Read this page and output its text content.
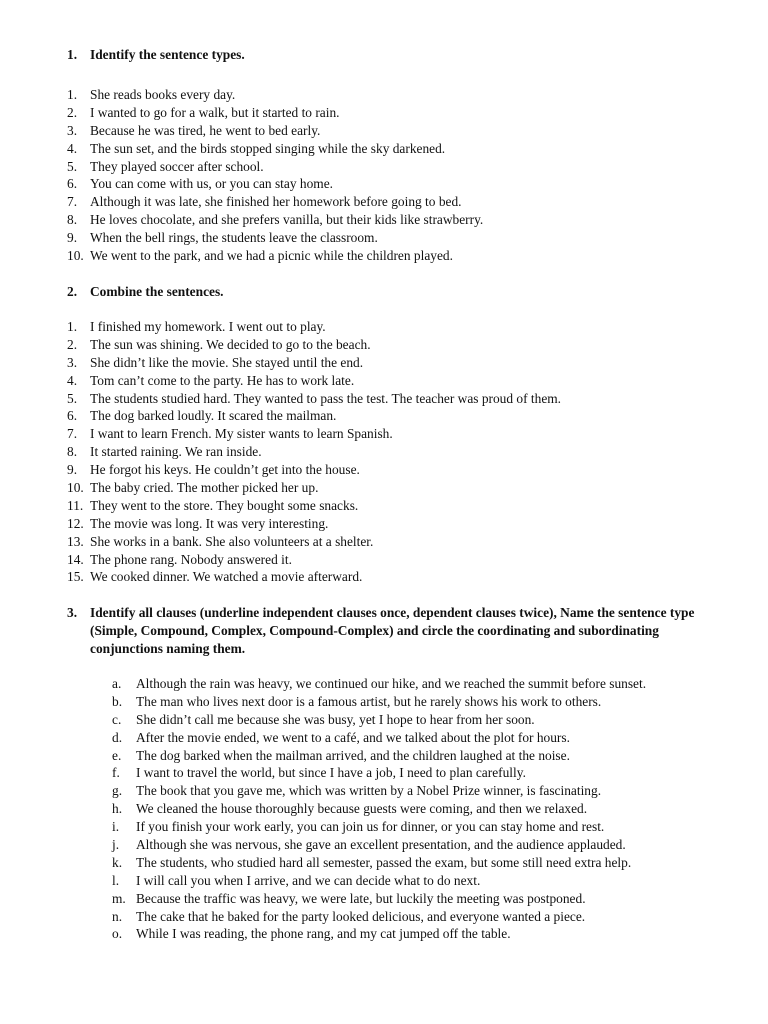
1. Identify the sentence types.
1. She reads books every day.
2. I wanted to go for a walk, but it started to rain.
3. Because he was tired, he went to bed early.
4. The sun set, and the birds stopped singing while the sky darkened.
5. They played soccer after school.
6. You can come with us, or you can stay home.
7. Although it was late, she finished her homework before going to bed.
8. He loves chocolate, and she prefers vanilla, but their kids like strawberry.
9. When the bell rings, the students leave the classroom.
10. We went to the park, and we had a picnic while the children played.
2. Combine the sentences.
1. I finished my homework. I went out to play.
2. The sun was shining. We decided to go to the beach.
3. She didn’t like the movie. She stayed until the end.
4. Tom can’t come to the party. He has to work late.
5. The students studied hard. They wanted to pass the test. The teacher was proud of them.
6. The dog barked loudly. It scared the mailman.
7. I want to learn French. My sister wants to learn Spanish.
8. It started raining. We ran inside.
9. He forgot his keys. He couldn’t get into the house.
10. The baby cried. The mother picked her up.
11. They went to the store. They bought some snacks.
12. The movie was long. It was very interesting.
13. She works in a bank. She also volunteers at a shelter.
14. The phone rang. Nobody answered it.
15. We cooked dinner. We watched a movie afterward.
3. Identify all clauses (underline independent clauses once, dependent clauses twice), Name the sentence type (Simple, Compound, Complex, Compound-Complex) and circle the coordinating and subordinating conjunctions naming them.
a.	Although the rain was heavy, we continued our hike, and we reached the summit before sunset.
b.	The man who lives next door is a famous artist, but he rarely shows his work to others.
c.	She didn’t call me because she was busy, yet I hope to hear from her soon.
d.	After the movie ended, we went to a café, and we talked about the plot for hours.
e.	The dog barked when the mailman arrived, and the children laughed at the noise.
f.	I want to travel the world, but since I have a job, I need to plan carefully.
g.	The book that you gave me, which was written by a Nobel Prize winner, is fascinating.
h.	We cleaned the house thoroughly because guests were coming, and then we relaxed.
i.	If you finish your work early, you can join us for dinner, or you can stay home and rest.
j.	Although she was nervous, she gave an excellent presentation, and the audience applauded.
k.	The students, who studied hard all semester, passed the exam, but some still need extra help.
l.	I will call you when I arrive, and we can decide what to do next.
m. Because the traffic was heavy, we were late, but luckily the meeting was postponed.
n.	The cake that he baked for the party looked delicious, and everyone wanted a piece.
o.	While I was reading, the phone rang, and my cat jumped off the table.
